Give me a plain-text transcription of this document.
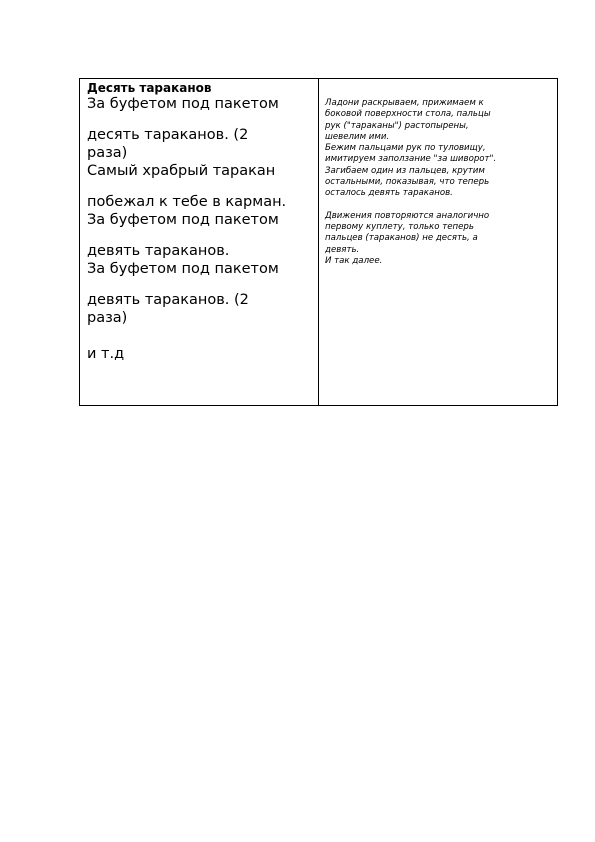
Десять тараканов

За буфетом под пакетом

десять тараканов. (2

раза)

Самый храбрый таракан

побежал к тебе в карман.

За буфетом под пакетом

девять тараканов.

За буфетом под пакетом

девять тараканов. (2

раза)

и т.д

Ладони раскрываем, прижимаем к

боковой поверхности стола, пальцы

рук ("тараканы") растопырены,

шевелим ими.

Бежим пальцами рук по туловищу,

имитируем заползание "за шиворот".

Загибаем один из пальцев, крутим

остальными, показывая, что теперь

осталось девять тараканов.

Движения повторяются аналогично

первому куплету, только теперь

пальцев (тараканов) не десять, а

девять.

И так далее.
